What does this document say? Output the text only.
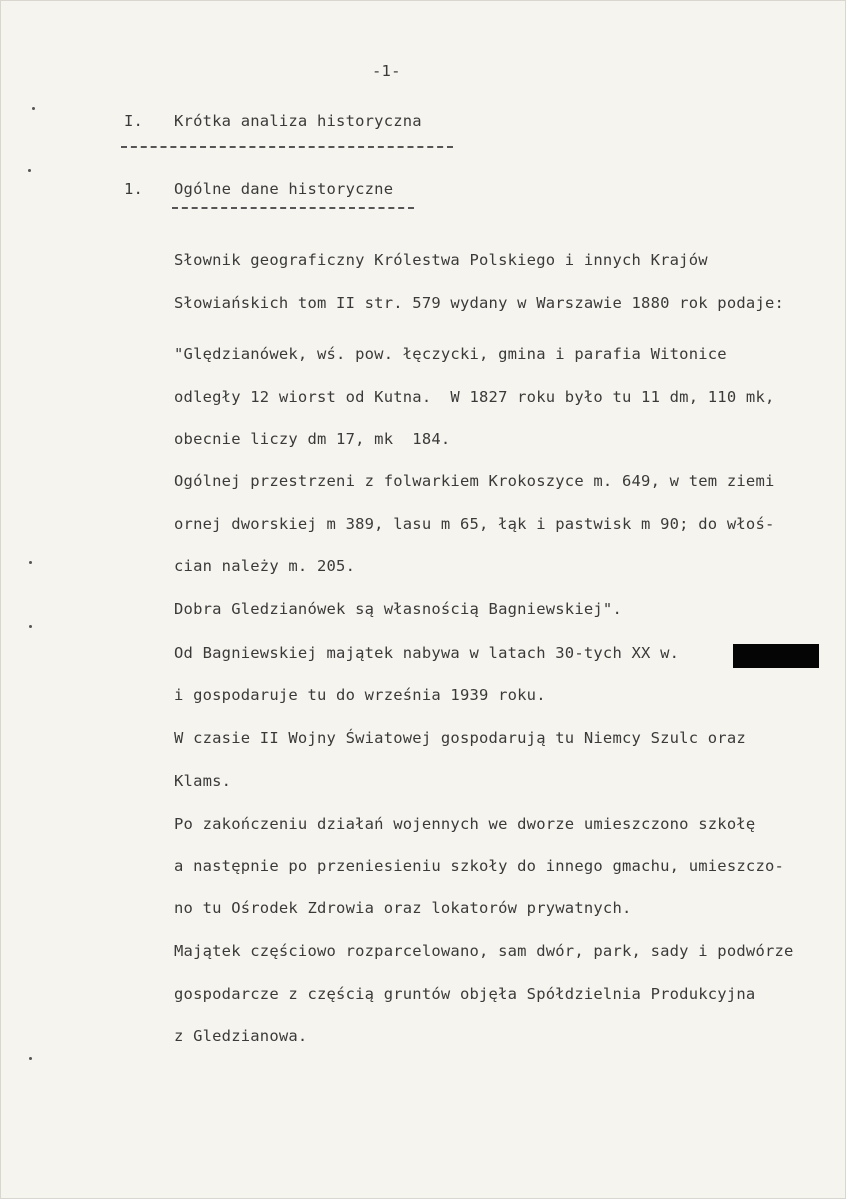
-1-
I. Krótka analiza historyczna
1. Ogólne dane historyczne
Słownik geograficzny Królestwa Polskiego i innych Krajów
Słowiańskich tom II str. 579 wydany w Warszawie 1880 rok podaje:
"Ględzianówek, wś. pow. łęczycki, gmina i parafia Witonice
odległy 12 wiorst od Kutna.  W 1827 roku było tu 11 dm, 110 mk,
obecnie liczy dm 17, mk  184.
Ogólnej przestrzeni z folwarkiem Krokoszyce m. 649, w tem ziemi
ornej dworskiej m 389, lasu m 65, łąk i pastwisk m 90; do włoś-
cian należy m. 205.
Dobra Gledzianówek są własnością Bagniewskiej".
Od Bagniewskiej majątek nabywa w latach 30-tych XX w.
i gospodaruje tu do września 1939 roku.
W czasie II Wojny Światowej gospodarują tu Niemcy Szulc oraz
Klams.
Po zakończeniu działań wojennych we dworze umieszczono szkołę
a następnie po przeniesieniu szkoły do innego gmachu, umieszczo-
no tu Ośrodek Zdrowia oraz lokatorów prywatnych.
Majątek częściowo rozparcelowano, sam dwór, park, sady i podwórze
gospodarcze z częścią gruntów objęła Spółdzielnia Produkcyjna
z Gledzianowa.
